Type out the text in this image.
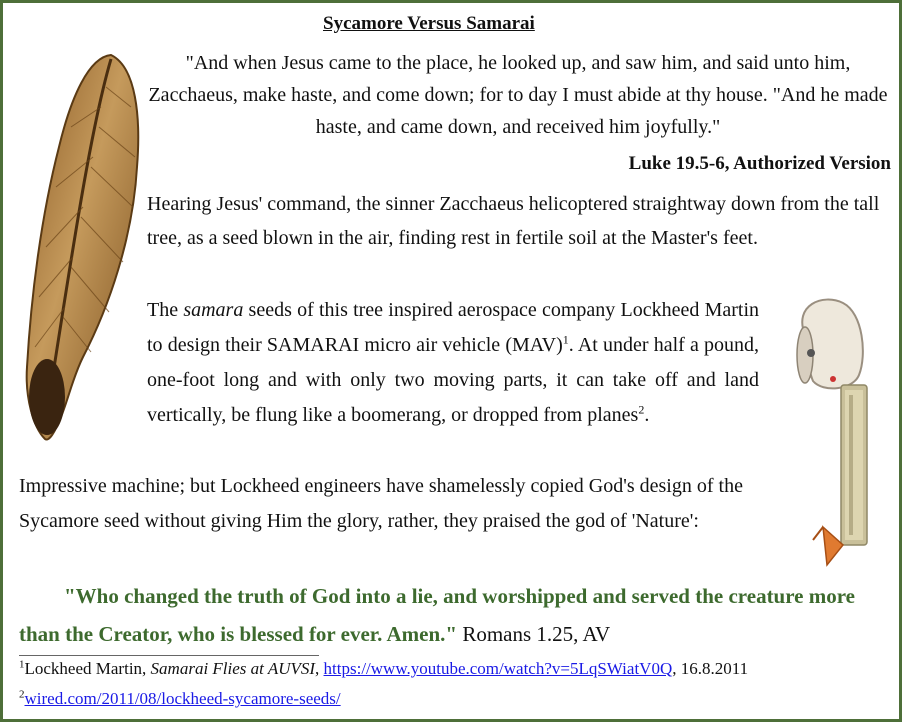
Sycamore Versus Samarai
"And when Jesus came to the place, he looked up, and saw him, and said unto him, Zacchaeus, make haste, and come down; for to day I must abide at thy house. "And he made haste, and came down, and received him joyfully."
Luke 19.5-6, Authorized Version
Hearing Jesus' command, the sinner Zacchaeus helicoptered straightway down from the tall tree, as a seed blown in the air, finding rest in fertile soil at the Master's feet.
The samara seeds of this tree inspired aerospace company Lockheed Martin to design their SAMARAI micro air vehicle (MAV)$^1$. At under half a pound, one-foot long and with only two moving parts, it can take off and land vertically, be flung like a boomerang, or dropped from planes$^2$.
Impressive machine; but Lockheed engineers have shamelessly copied God's design of the Sycamore seed without giving Him the glory, rather, they praised the god of 'Nature':
"Who changed the truth of God into a lie, and worshipped and served the creature more than the Creator, who is blessed for ever. Amen." Romans 1.25, AV
$^1$Lockheed Martin, Samarai Flies at AUVSI, https://www.youtube.com/watch?v=5LqSWiatV0Q, 16.8.2011
$^2$wired.com/2011/08/lockheed-sycamore-seeds/
